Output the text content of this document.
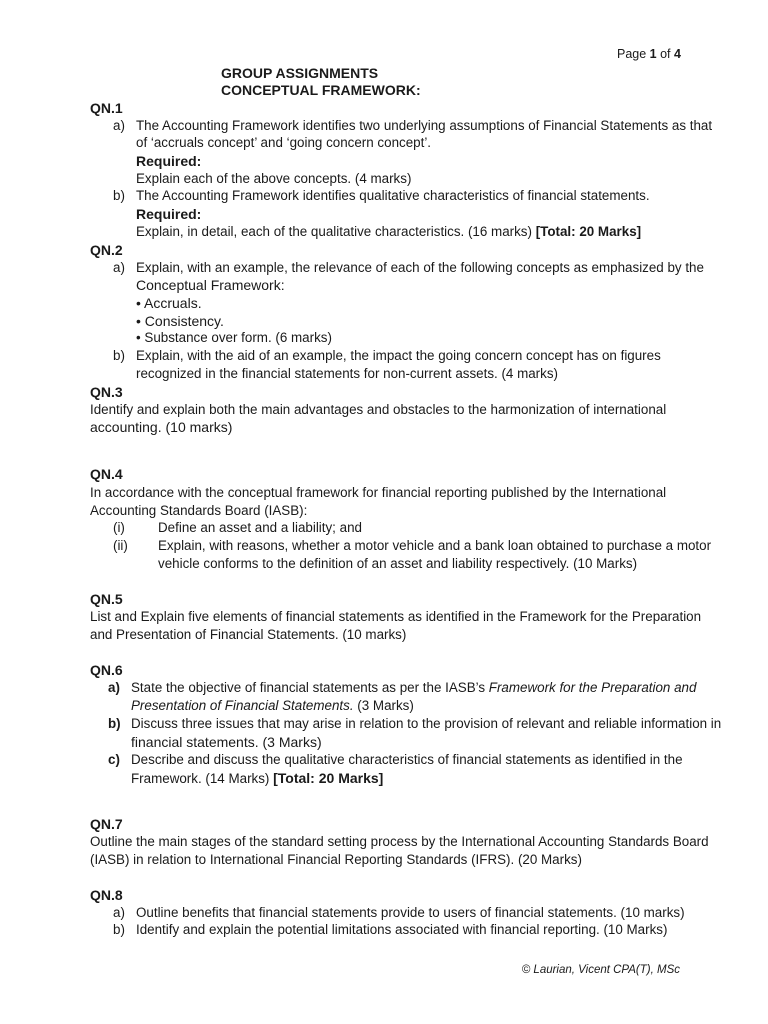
Page 1 of 4
GROUP ASSIGNMENTS
CONCEPTUAL FRAMEWORK:
QN.1
a) The Accounting Framework identifies two underlying assumptions of Financial Statements as that
of ‘accruals concept’ and ‘going concern concept’.
Required:
Explain each of the above concepts. (4 marks)
b) The Accounting Framework identifies qualitative characteristics of financial statements.
Required:
Explain, in detail, each of the qualitative characteristics. (16 marks) [Total: 20 Marks]
QN.2
a) Explain, with an example, the relevance of each of the following concepts as emphasized by the
Conceptual Framework:
• Accruals.
• Consistency.
• Substance over form. (6 marks)
b) Explain, with the aid of an example, the impact the going concern concept has on figures
recognized in the financial statements for non-current assets. (4 marks)
QN.3
Identify and explain both the main advantages and obstacles to the harmonization of international
accounting. (10 marks)
QN.4
In accordance with the conceptual framework for financial reporting published by the International
Accounting Standards Board (IASB):
(i) Define an asset and a liability; and
(ii) Explain, with reasons, whether a motor vehicle and a bank loan obtained to purchase a motor
vehicle conforms to the definition of an asset and liability respectively. (10 Marks)
QN.5
List and Explain five elements of financial statements as identified in the Framework for the Preparation
and Presentation of Financial Statements. (10 marks)
QN.6
a) State the objective of financial statements as per the IASB’s Framework for the Preparation and
Presentation of Financial Statements. (3 Marks)
b) Discuss three issues that may arise in relation to the provision of relevant and reliable information in
financial statements. (3 Marks)
c) Describe and discuss the qualitative characteristics of financial statements as identified in the
Framework. (14 Marks) [Total: 20 Marks]
QN.7
Outline the main stages of the standard setting process by the International Accounting Standards Board
(IASB) in relation to International Financial Reporting Standards (IFRS). (20 Marks)
QN.8
a) Outline benefits that financial statements provide to users of financial statements. (10 marks)
b) Identify and explain the potential limitations associated with financial reporting. (10 Marks)
© Laurian, Vicent CPA(T), MSc
